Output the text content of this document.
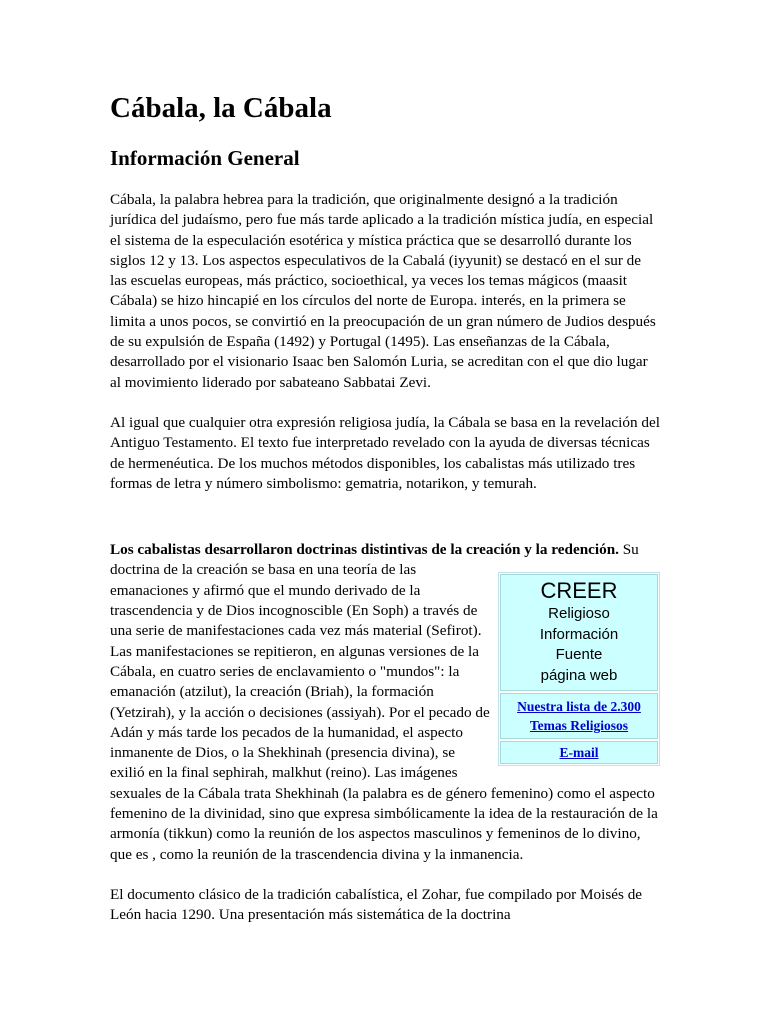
Cábala, la Cábala
Información General

Cábala, la palabra hebrea para la tradición, que originalmente designó a la tradición jurídica del judaísmo, pero fue más tarde aplicado a la tradición mística judía, en especial el sistema de la especulación esotérica y mística práctica que se desarrolló durante los siglos 12 y 13. Los aspectos especulativos de la Cabalá (iyyunit) se destacó en el sur de las escuelas europeas, más práctico, socioethical, ya veces los temas mágicos (maasit Cábala) se hizo hincapié en los círculos del norte de Europa. interés, en la primera se limita a unos pocos, se convirtió en la preocupación de un gran número de Judios después de su expulsión de España (1492) y Portugal (1495). Las enseñanzas de la Cábala, desarrollado por el visionario Isaac ben Salomón Luria, se acreditan con el que dio lugar al movimiento liderado por sabateano Sabbatai Zevi.

Al igual que cualquier otra expresión religiosa judía, la Cábala se basa en la revelación del Antiguo Testamento. El texto fue interpretado revelado con la ayuda de diversas técnicas de hermenéutica. De los muchos métodos disponibles, los cabalistas más utilizado tres formas de letra y número simbolismo: gematria, notarikon, y temurah.

Los cabalistas desarrollaron doctrinas distintivas de la creación y la redención.
CREER
Religioso
Información
Fuente
página web
Nuestra lista de 2.300
Temas Religiosos
E-mail
Su doctrina de la creación se basa en una teoría de las emanaciones y afirmó que el mundo derivado de la trascendencia y de Dios incognoscible (En Soph) a través de una serie de manifestaciones cada vez más material (Sefirot). Las manifestaciones se repitieron, en algunas versiones de la Cábala, en cuatro series de enclavamiento o "mundos": la emanación (atzilut), la creación (Briah), la formación (Yetzirah), y la acción o decisiones (assiyah). Por el pecado de Adán y más tarde los pecados de la humanidad, el aspecto inmanente de Dios, o la Shekhinah (presencia divina), se exilió en la final sephirah, malkhut (reino). Las imágenes sexuales de la Cábala trata Shekhinah (la palabra es de género femenino) como el aspecto femenino de la divinidad, sino que expresa simbólicamente la idea de la restauración de la armonía (tikkun) como la reunión de los aspectos masculinos y femeninos de lo divino, que es , como la reunión de la trascendencia divina y la inmanencia.

El documento clásico de la tradición cabalística, el Zohar, fue compilado por Moisés de León hacia 1290. Una presentación más sistemática de la doctrina
